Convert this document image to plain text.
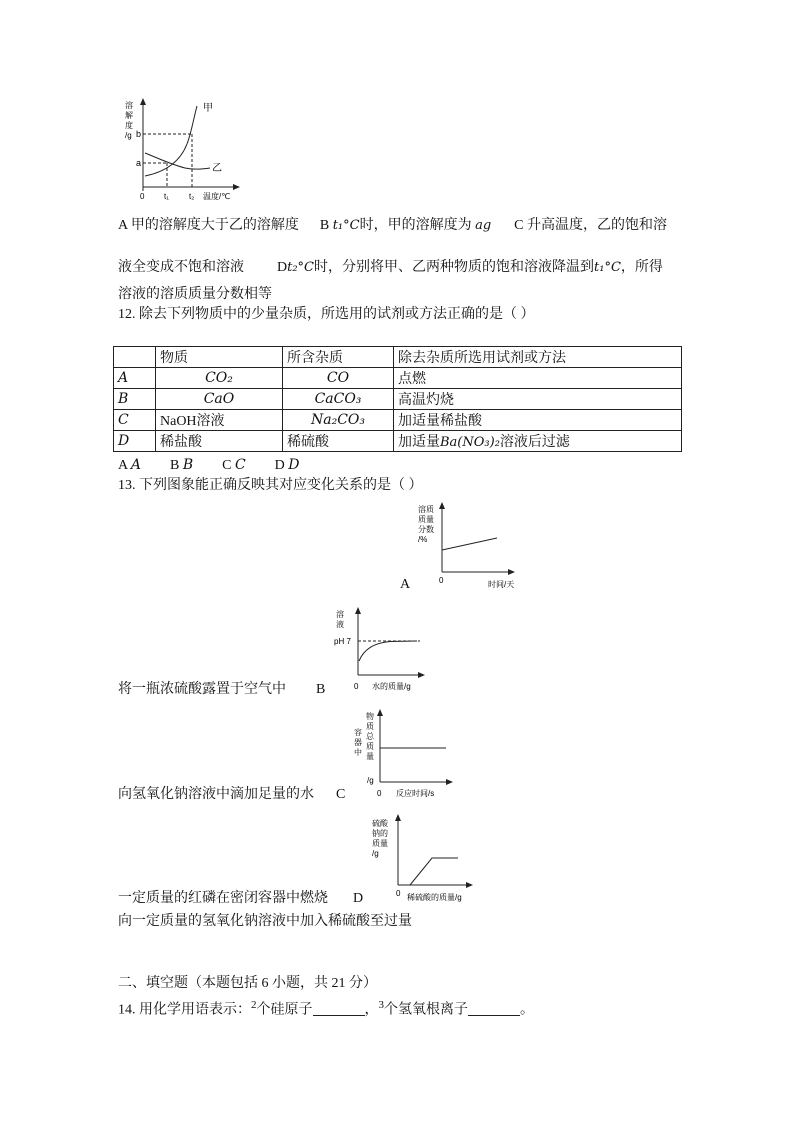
溶
解
度
/g b
a
0 t₁	t₂ 温度/℃
甲
乙
A 甲的溶解度大于乙的溶解度 B t₁°C时，甲的溶解度为 ag C 升高温度，乙的饱和溶
液全变成不饱和溶液 Dt₂°C时，分别将甲、乙两种物质的饱和溶液降温到t₁°C，所得
溶液的溶质质量分数相等
12. 除去下列物质中的少量杂质，所选用的试剂或方法正确的是（ ）
	物质	所含杂质	除去杂质所选用试剂或方法
A	CO₂	CO	点燃
B	CaO	CaCO₃	高温灼烧
C	NaOH溶液	Na₂CO₃	加适量稀盐酸
D	稀盐酸	稀硫酸	加适量Ba(NO₃)₂溶液后过滤
A A B B C C D D
13. 下列图象能正确反映其对应变化关系的是（ ）
溶质
质量
分数
/%
0	时间/天
A
溶
液
pH 7
0 水的质量/g
将一瓶浓硫酸露置于空气中 B
容
器
中
物
质
总
质
量
/g
0 反应时间/s
向氢氧化钠溶液中滴加足量的水 C
硫酸
钠的
质量
/g
0 稀硫酸的质量/g
一定质量的红磷在密闭容器中燃烧 D
向一定质量的氢氧化钠溶液中加入稀硫酸至过量
二、填空题（本题包括 6 小题，共 21 分）
14. 用化学用语表示：$^2$个硅原子	，$^3$个氢氧根离子	。
